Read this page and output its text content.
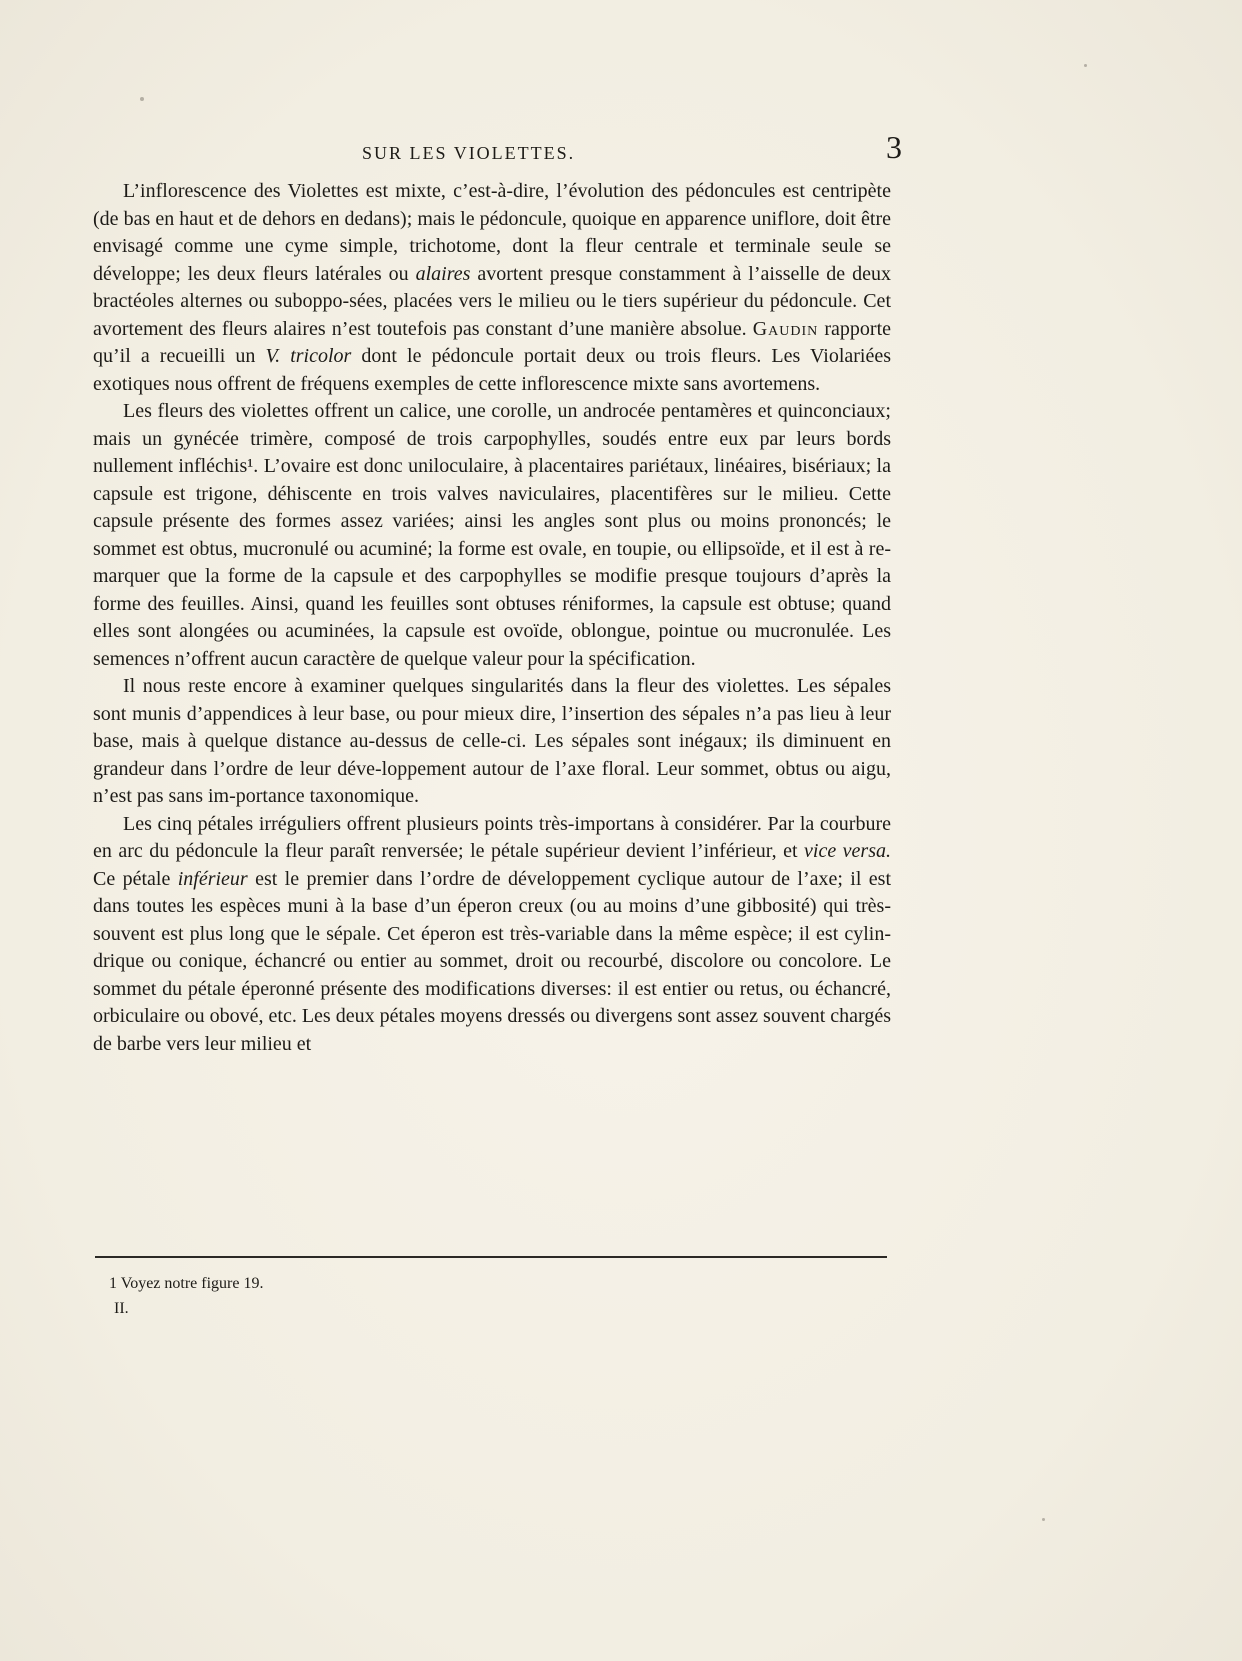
SUR LES VIOLETTES.	3

L’inflorescence des Violettes est mixte, c’est-à-dire, l’évolution des pédoncules est centripète (de bas en haut et de dehors en dedans); mais le pédoncule, quoique en apparence uniflore, doit être envisagé comme une cyme simple, trichotome, dont la fleur centrale et terminale seule se développe; les deux fleurs latérales ou alaires avortent presque constamment à l’aisselle de deux bractéoles alternes ou suboppo-sées, placées vers le milieu ou le tiers supérieur du pédoncule. Cet avortement des fleurs alaires n’est toutefois pas constant d’une manière absolue. Gaudin rapporte qu’il a recueilli un V. tricolor dont le pédoncule portait deux ou trois fleurs. Les Violariées exotiques nous offrent de fréquens exemples de cette inflorescence mixte sans avortemens.

Les fleurs des violettes offrent un calice, une corolle, un androcée pentamères et quinconciaux; mais un gynécée trimère, composé de trois carpophylles, soudés entre eux par leurs bords nullement infléchis¹. L’ovaire est donc uniloculaire, à placentaires pariétaux, linéaires, bisériaux; la capsule est trigone, déhiscente en trois valves naviculaires, placentifères sur le milieu. Cette capsule présente des formes assez variées; ainsi les angles sont plus ou moins prononcés; le sommet est obtus, mucronulé ou acuminé; la forme est ovale, en toupie, ou ellipsoïde, et il est à re-marquer que la forme de la capsule et des carpophylles se modifie presque toujours d’après la forme des feuilles. Ainsi, quand les feuilles sont obtuses réniformes, la capsule est obtuse; quand elles sont alongées ou acuminées, la capsule est ovoïde, oblongue, pointue ou mucronulée. Les semences n’offrent aucun caractère de quelque valeur pour la spécification.

Il nous reste encore à examiner quelques singularités dans la fleur des violettes. Les sépales sont munis d’appendices à leur base, ou pour mieux dire, l’insertion des sépales n’a pas lieu à leur base, mais à quelque distance au-dessus de celle-ci. Les sépales sont inégaux; ils diminuent en grandeur dans l’ordre de leur déve-loppement autour de l’axe floral. Leur sommet, obtus ou aigu, n’est pas sans im-portance taxonomique.

Les cinq pétales irréguliers offrent plusieurs points très-importans à considérer. Par la courbure en arc du pédoncule la fleur paraît renversée; le pétale supérieur devient l’inférieur, et vice versa. Ce pétale inférieur est le premier dans l’ordre de développement cyclique autour de l’axe; il est dans toutes les espèces muni à la base d’un éperon creux (ou au moins d’une gibbosité) qui très-souvent est plus long que le sépale. Cet éperon est très-variable dans la même espèce; il est cylin-drique ou conique, échancré ou entier au sommet, droit ou recourbé, discolore ou concolore. Le sommet du pétale éperonné présente des modifications diverses: il est entier ou retus, ou échancré, orbiculaire ou obové, etc. Les deux pétales moyens dressés ou divergens sont assez souvent chargés de barbe vers leur milieu et

1 Voyez notre figure 19.
II.
